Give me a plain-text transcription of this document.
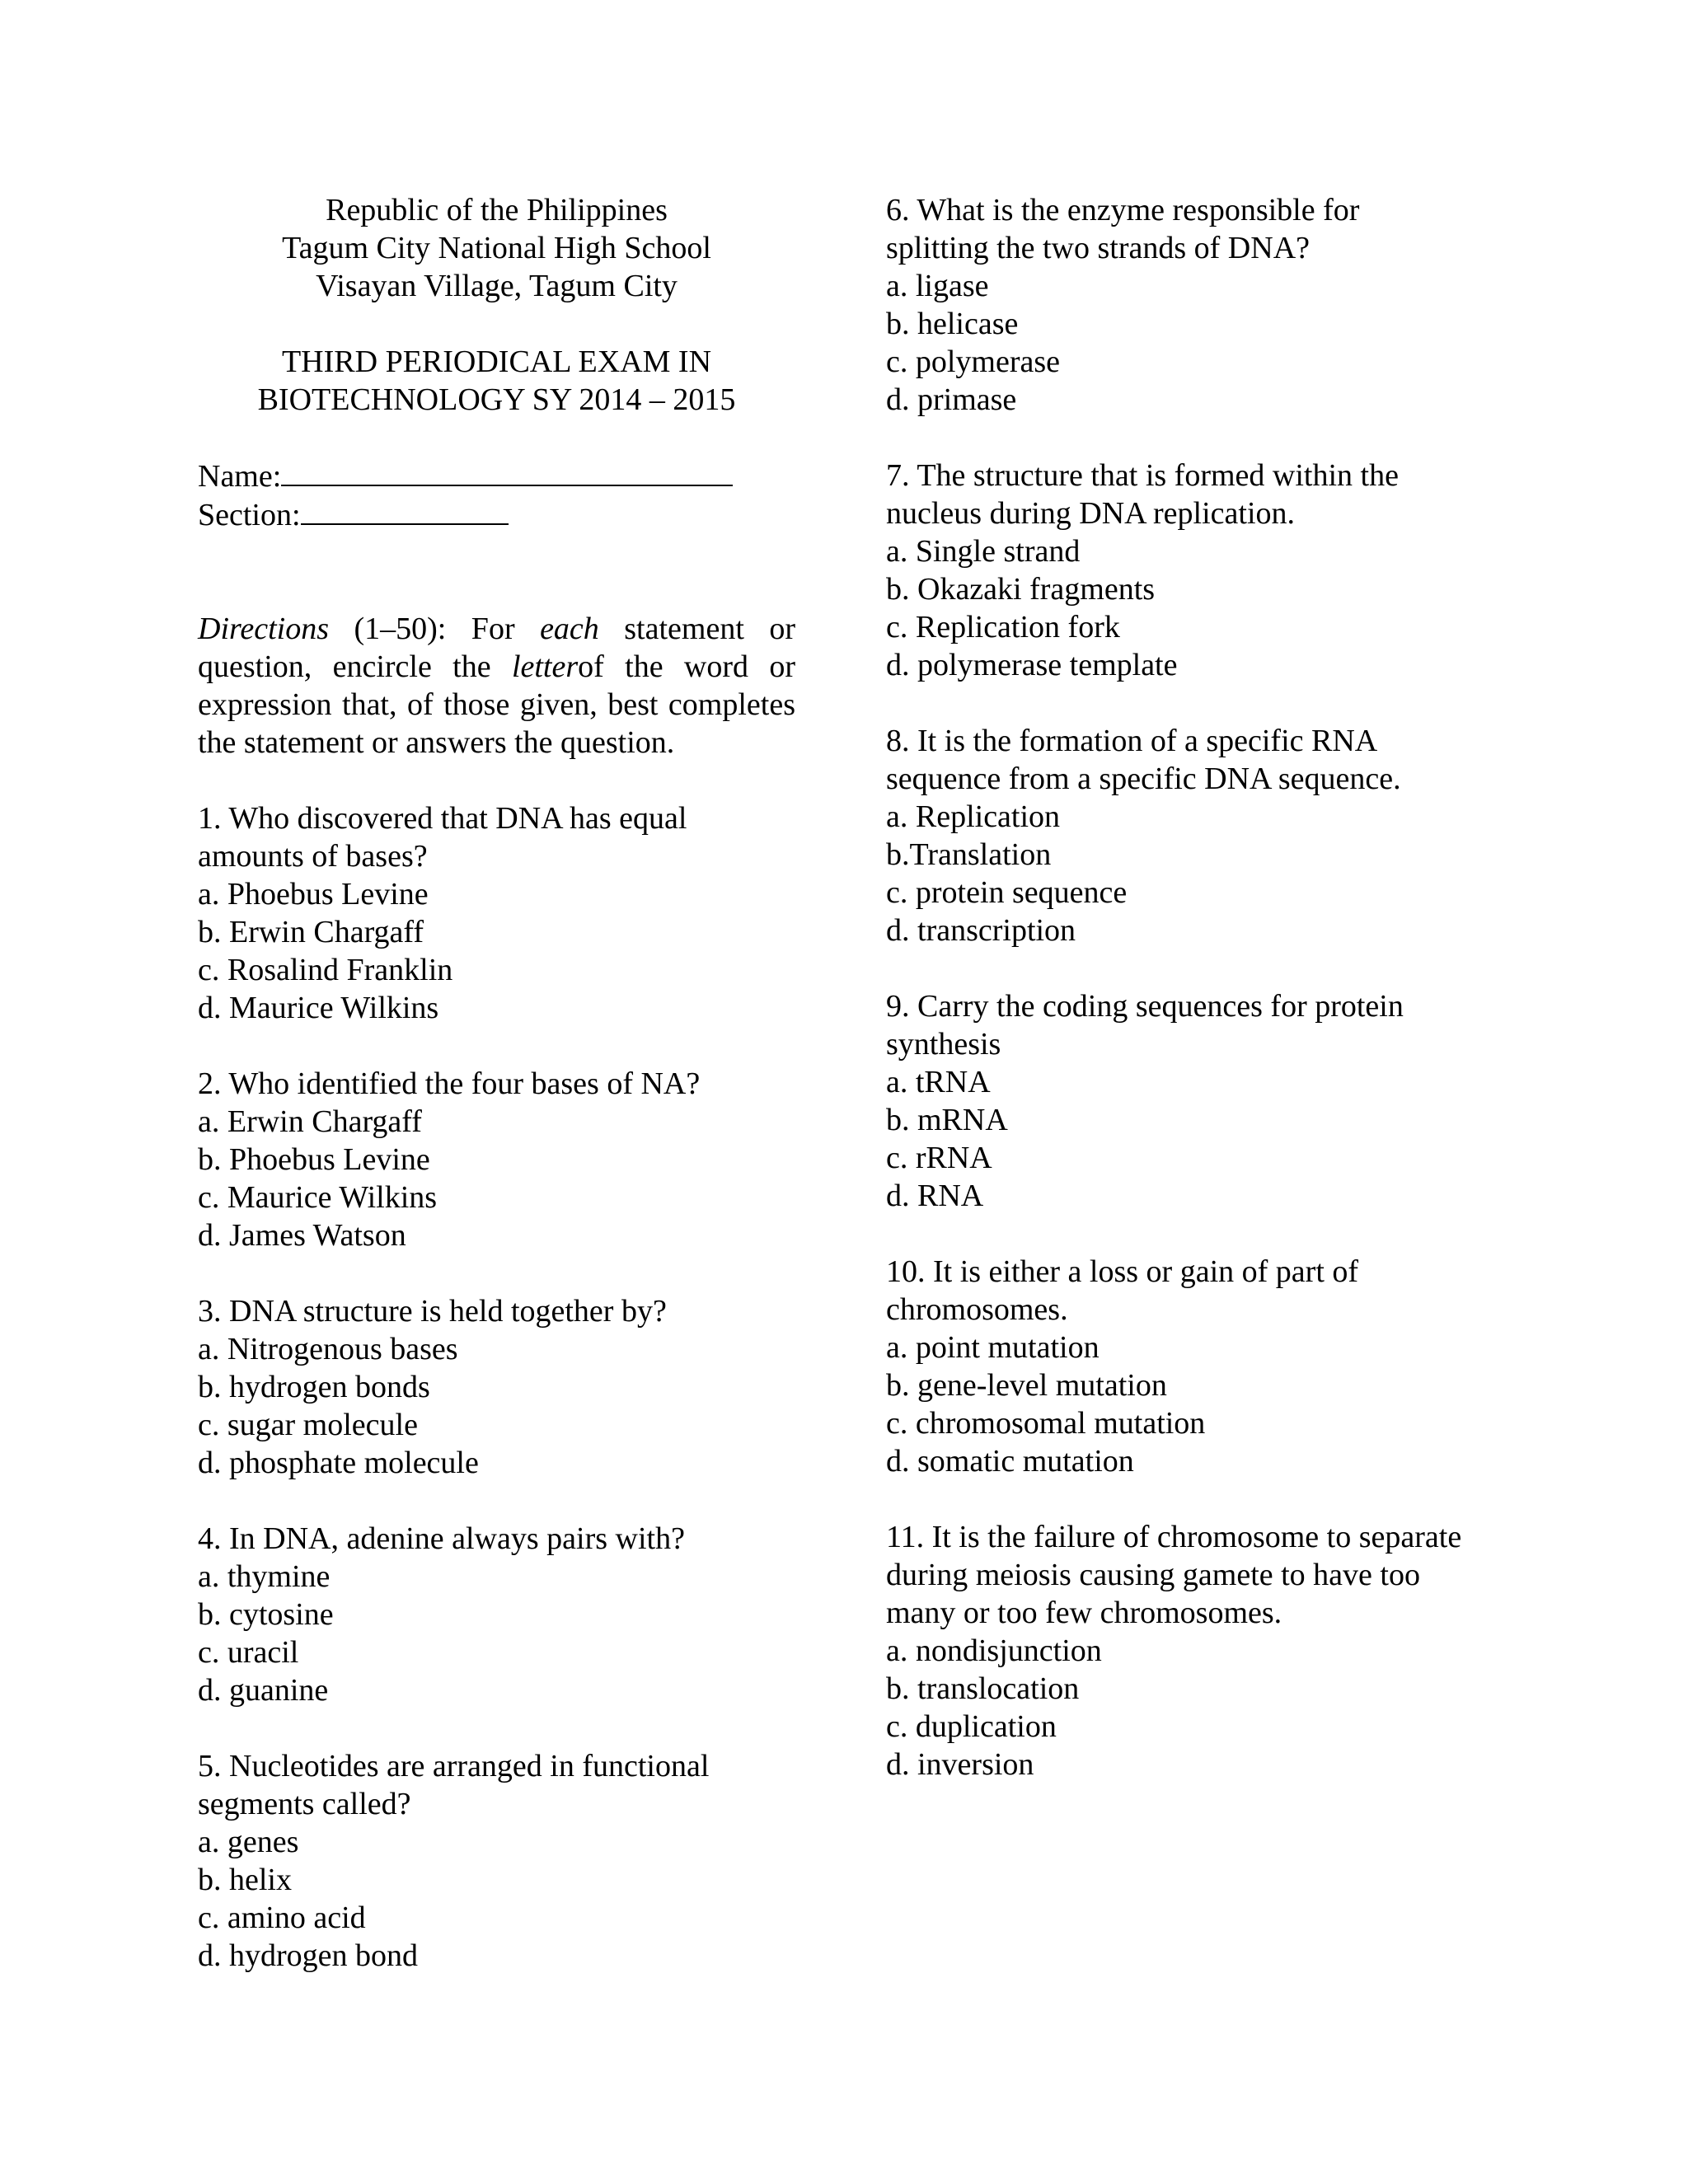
Republic of the Philippines
Tagum City National High School
Visayan Village, Tagum City
THIRD PERIODICAL EXAM IN
BIOTECHNOLOGY SY 2014 – 2015
Name:
Section:
Directions (1–50): For each statement or question, encircle the letterof the word or expression that, of those given, best completes the statement or answers the question.
1. Who discovered that DNA has equal amounts of bases?
a. Phoebus Levine
b. Erwin Chargaff
c. Rosalind Franklin
d. Maurice Wilkins
2. Who identified the four bases of NA?
a. Erwin Chargaff
b. Phoebus Levine
c. Maurice Wilkins
d. James Watson
3. DNA structure is held together by?
a. Nitrogenous bases
b. hydrogen bonds
c. sugar molecule
d. phosphate molecule
4. In DNA, adenine always pairs with?
a. thymine
b. cytosine
c. uracil
d. guanine
5. Nucleotides are arranged in functional segments called?
a. genes
b. helix
c. amino acid
d. hydrogen bond
6. What is the enzyme responsible for splitting the two strands of DNA?
a. ligase
b. helicase
c. polymerase
d. primase
7. The structure that is formed within the nucleus during DNA replication.
a. Single strand
b. Okazaki fragments
c. Replication fork
d. polymerase template
8. It is the formation of a specific RNA sequence from a specific DNA sequence.
a. Replication
b.Translation
c. protein sequence
d. transcription
9. Carry the coding sequences for protein synthesis
a. tRNA
b. mRNA
c. rRNA
d. RNA
10. It is either a loss or gain of part of chromosomes.
a. point mutation
b. gene-level mutation
c. chromosomal mutation
d. somatic mutation
11. It is the failure of chromosome to separate during meiosis causing gamete to have too many or too few chromosomes.
a. nondisjunction
b. translocation
c. duplication
d. inversion
